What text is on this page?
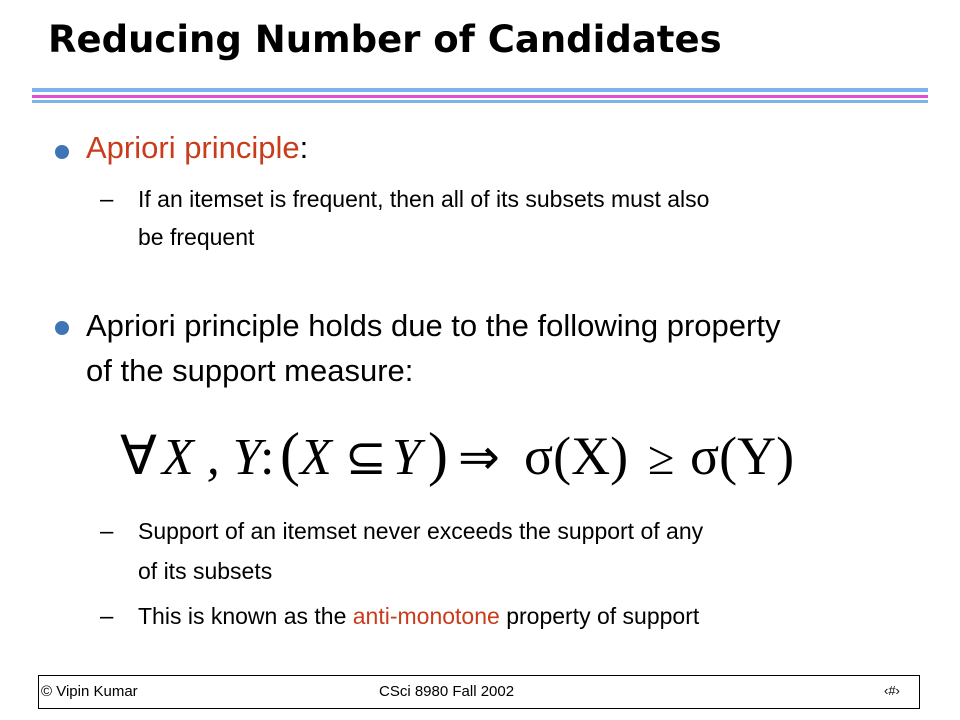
Reducing Number of Candidates
Apriori principle:
– If an itemset is frequent, then all of its subsets must also
be frequent
Apriori principle holds due to the following property
of the support measure:
∀ X , Y
: ( X ⊆ Y ) ⇒ σ(X) ≥ σ(Y)
– Support of an itemset never exceeds the support of any
of its subsets
– This is known as the anti-monotone property of support
© Vipin Kumar	CSci 8980 Fall 2002	‹#›
